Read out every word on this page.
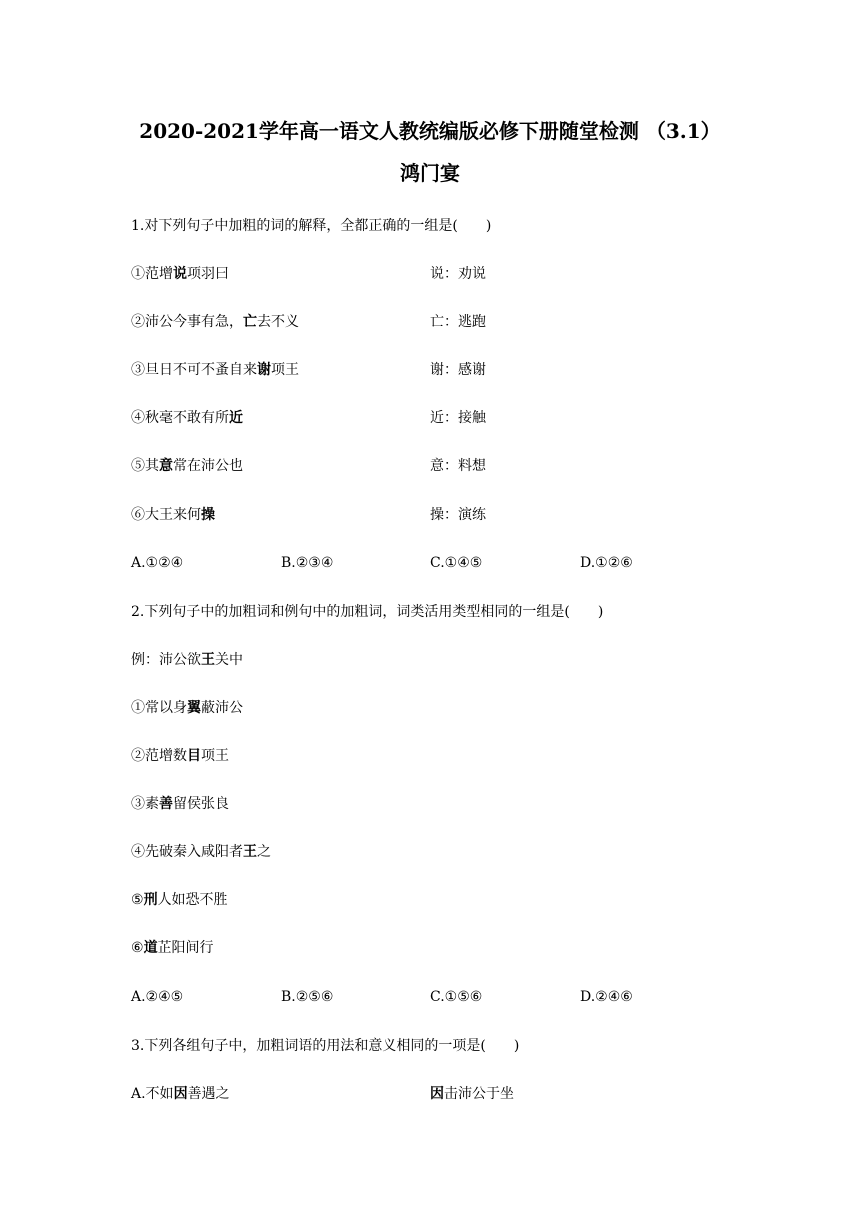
2020-2021学年高一语文人教统编版必修下册随堂检测 （3.1）
鸿门宴
1.对下列句子中加粗的词的解释，全都正确的一组是(　　)
①范增说项羽曰	说：劝说
②沛公今事有急，亡去不义	亡：逃跑
③旦日不可不蚤自来谢项王	谢：感谢
④秋毫不敢有所近	近：接触
⑤其意常在沛公也	意：料想
⑥大王来何操	操：演练
A.①②④	B.②③④	C.①④⑤	D.①②⑥
2.下列句子中的加粗词和例句中的加粗词，词类活用类型相同的一组是(　　)
例：沛公欲王关中
①常以身翼蔽沛公
②范增数目项王
③素善留侯张良
④先破秦入咸阳者王之
⑤刑人如恐不胜
⑥道芷阳间行
A.②④⑤	B.②⑤⑥	C.①⑤⑥	D.②④⑥
3.下列各组句子中，加粗词语的用法和意义相同的一项是(　　)
A.不如因善遇之	因击沛公于坐
